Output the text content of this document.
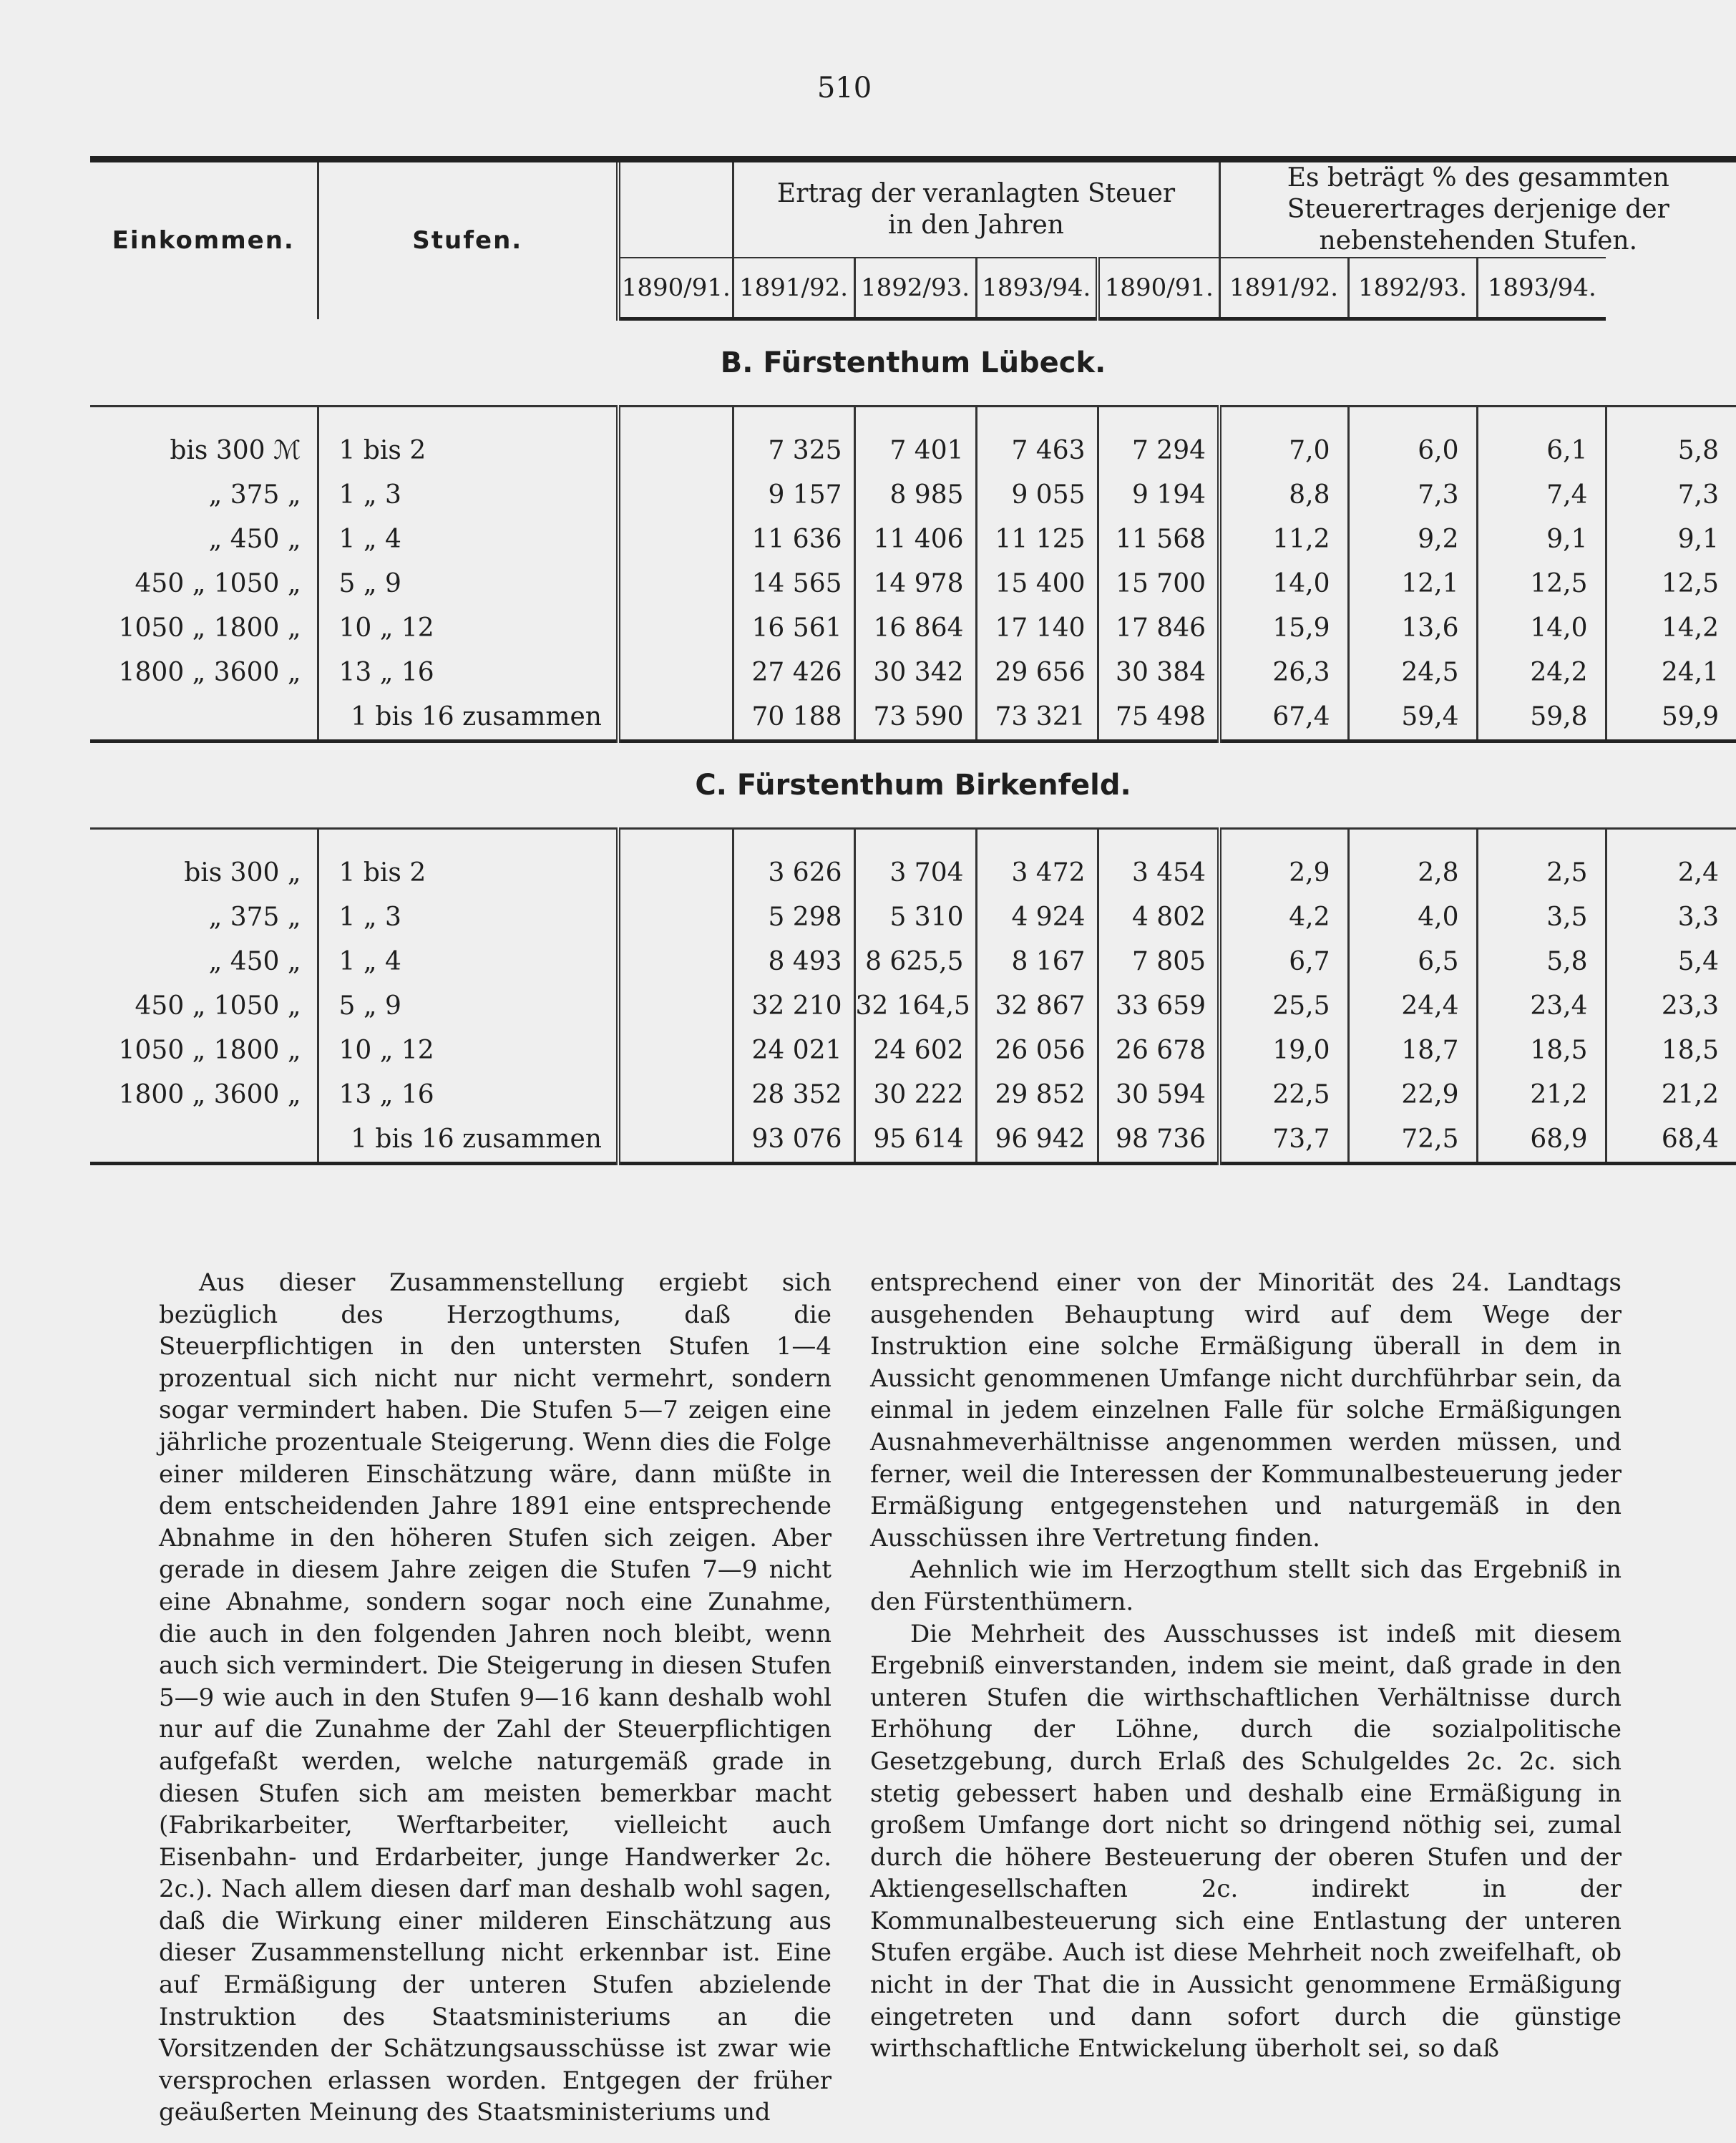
510
Einkommen.	Stufen.		Ertrag der veranlagten Steuer in den Jahren				Es beträgt % des gesammten Steuerertrages derjenige der nebenstehenden Stufen.			
		1890/91.	1891/92.	1892/93.	1893/94.	1890/91.	1891/92.	1892/93.	1893/94.	
B. Fürstenthum Lübeck.										
bis 300 ℳ	1 bis 2		7 325	7 401	7 463	7 294	7,0	6,0	6,1	5,8
„ 375 „	1 „ 3		9 157	8 985	9 055	9 194	8,8	7,3	7,4	7,3
„ 450 „	1 „ 4		11 636	11 406	11 125	11 568	11,2	9,2	9,1	9,1
450 „ 1050 „	5 „ 9		14 565	14 978	15 400	15 700	14,0	12,1	12,5	12,5
1050 „ 1800 „	10 „ 12		16 561	16 864	17 140	17 846	15,9	13,6	14,0	14,2
1800 „ 3600 „	13 „ 16		27 426	30 342	29 656	30 384	26,3	24,5	24,2	24,1
	1 bis 16 zusammen		70 188	73 590	73 321	75 498	67,4	59,4	59,8	59,9
C. Fürstenthum Birkenfeld.										
bis 300 „	1 bis 2		3 626	3 704	3 472	3 454	2,9	2,8	2,5	2,4
„ 375 „	1 „ 3		5 298	5 310	4 924	4 802	4,2	4,0	3,5	3,3
„ 450 „	1 „ 4		8 493	8 625,5	8 167	7 805	6,7	6,5	5,8	5,4
450 „ 1050 „	5 „ 9		32 210	32 164,5	32 867	33 659	25,5	24,4	23,4	23,3
1050 „ 1800 „	10 „ 12		24 021	24 602	26 056	26 678	19,0	18,7	18,5	18,5
1800 „ 3600 „	13 „ 16		28 352	30 222	29 852	30 594	22,5	22,9	21,2	21,2
	1 bis 16 zusammen		93 076	95 614	96 942	98 736	73,7	72,5	68,9	68,4

Aus dieser Zusammenstellung ergiebt sich bezüglich des Herzogthums, daß die Steuerpflichtigen in den untersten Stufen 1—4 prozentual sich nicht nur nicht vermehrt, sondern sogar vermindert haben. Die Stufen 5—7 zeigen eine jährliche prozentuale Steigerung. Wenn dies die Folge einer milderen Einschätzung wäre, dann müßte in dem entscheidenden Jahre 1891 eine entsprechende Abnahme in den höheren Stufen sich zeigen. Aber gerade in diesem Jahre zeigen die Stufen 7—9 nicht eine Abnahme, sondern sogar noch eine Zunahme, die auch in den folgenden Jahren noch bleibt, wenn auch sich vermindert. Die Steigerung in diesen Stufen 5—9 wie auch in den Stufen 9—16 kann deshalb wohl nur auf die Zunahme der Zahl der Steuerpflichtigen aufgefaßt werden, welche naturgemäß grade in diesen Stufen sich am meisten bemerkbar macht (Fabrikarbeiter, Werftarbeiter, vielleicht auch Eisenbahn- und Erdarbeiter, junge Handwerker 2c. 2c.). Nach allem diesen darf man deshalb wohl sagen, daß die Wirkung einer milderen Einschätzung aus dieser Zusammenstellung nicht erkennbar ist. Eine auf Ermäßigung der unteren Stufen abzielende Instruktion des Staatsministeriums an die Vorsitzenden der Schätzungsausschüsse ist zwar wie versprochen erlassen worden. Entgegen der früher geäußerten Meinung des Staatsministeriums und

entsprechend einer von der Minorität des 24. Landtags ausgehenden Behauptung wird auf dem Wege der Instruktion eine solche Ermäßigung überall in dem in Aussicht genommenen Umfange nicht durchführbar sein, da einmal in jedem einzelnen Falle für solche Ermäßigungen Ausnahmeverhältnisse angenommen werden müssen, und ferner, weil die Interessen der Kommunalbesteuerung jeder Ermäßigung entgegenstehen und naturgemäß in den Ausschüssen ihre Vertretung finden.

Aehnlich wie im Herzogthum stellt sich das Ergebniß in den Fürstenthümern.

Die Mehrheit des Ausschusses ist indeß mit diesem Ergebniß einverstanden, indem sie meint, daß grade in den unteren Stufen die wirthschaftlichen Verhältnisse durch Erhöhung der Löhne, durch die sozialpolitische Gesetzgebung, durch Erlaß des Schulgeldes 2c. 2c. sich stetig gebessert haben und deshalb eine Ermäßigung in großem Umfange dort nicht so dringend nöthig sei, zumal durch die höhere Besteuerung der oberen Stufen und der Aktiengesellschaften 2c. indirekt in der Kommunalbesteuerung sich eine Entlastung der unteren Stufen ergäbe. Auch ist diese Mehrheit noch zweifelhaft, ob nicht in der That die in Aussicht genommene Ermäßigung eingetreten und dann sofort durch die günstige wirthschaftliche Entwickelung überholt sei, so daß
